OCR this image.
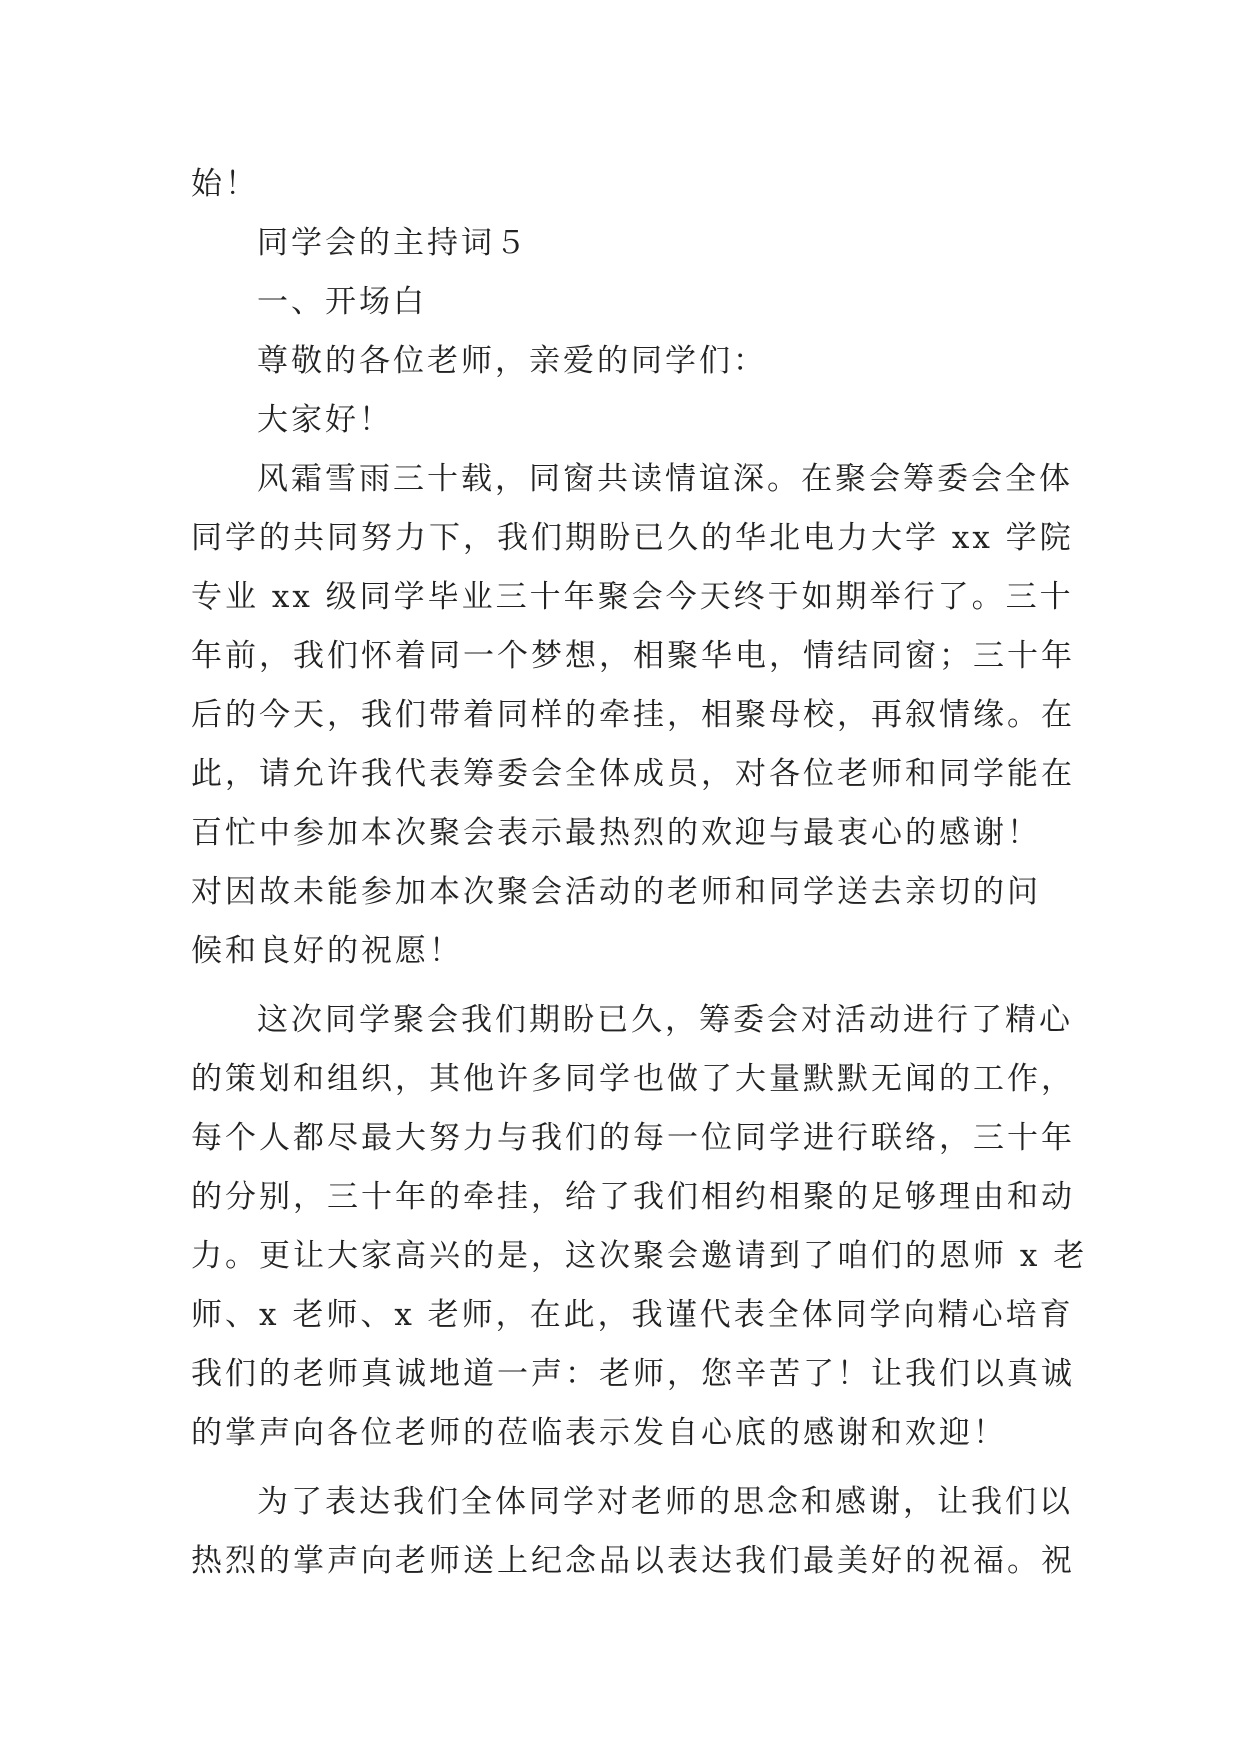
始！
同学会的主持词５
一、开场白
尊敬的各位老师，亲爱的同学们：
大家好！
风霜雪雨三十载，同窗共读情谊深。在聚会筹委会全体
同学的共同努力下，我们期盼已久的华北电力大学 xx 学院
专业 xx 级同学毕业三十年聚会今天终于如期举行了。三十
年前，我们怀着同一个梦想，相聚华电，情结同窗；三十年
后的今天，我们带着同样的牵挂，相聚母校，再叙情缘。在
此，请允许我代表筹委会全体成员，对各位老师和同学能在
百忙中参加本次聚会表示最热烈的欢迎与最衷心的感谢！
对因故未能参加本次聚会活动的老师和同学送去亲切的问
候和良好的祝愿！
这次同学聚会我们期盼已久，筹委会对活动进行了精心
的策划和组织，其他许多同学也做了大量默默无闻的工作，
每个人都尽最大努力与我们的每一位同学进行联络，三十年
的分别，三十年的牵挂，给了我们相约相聚的足够理由和动
力。更让大家高兴的是，这次聚会邀请到了咱们的恩师 x 老
师、x 老师、x 老师，在此，我谨代表全体同学向精心培育
我们的老师真诚地道一声：老师，您辛苦了！让我们以真诚
的掌声向各位老师的莅临表示发自心底的感谢和欢迎！
为了表达我们全体同学对老师的思念和感谢，让我们以
热烈的掌声向老师送上纪念品以表达我们最美好的祝福。祝
